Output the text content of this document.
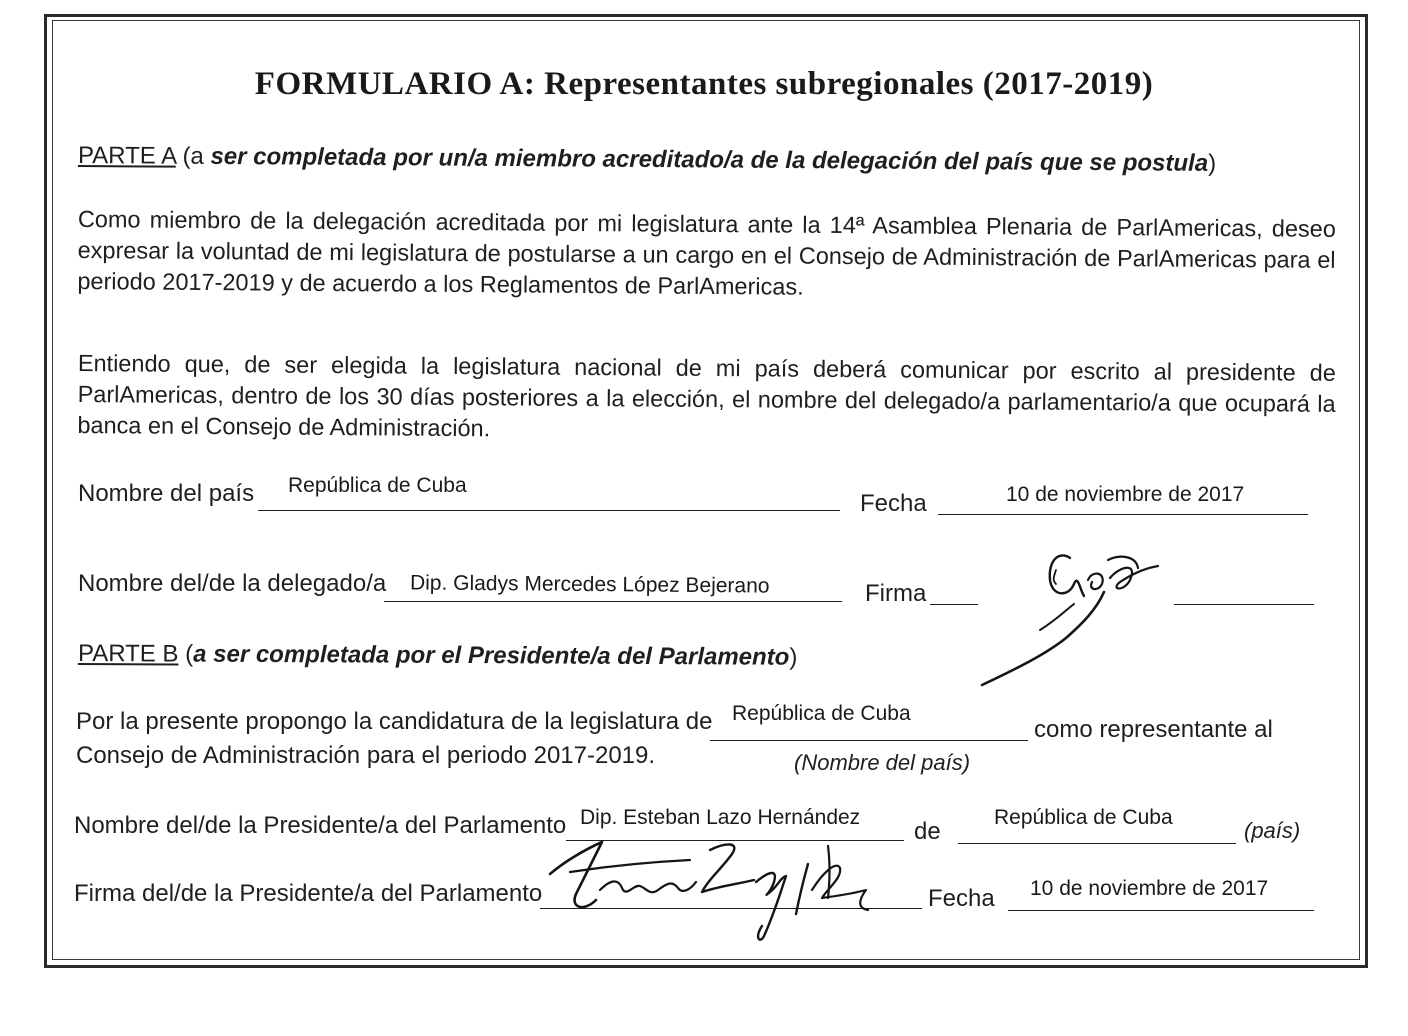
FORMULARIO A: Representantes subregionales (2017-2019)
PARTE A (a ser completada por un/a miembro acreditado/a de la delegación del país que se postula)
Como miembro de la delegación acreditada por mi legislatura ante la 14ª Asamblea Plenaria de ParlAmericas, deseo expresar la voluntad de mi legislatura de postularse a un cargo en el Consejo de Administración de ParlAmericas para el periodo 2017-2019 y de acuerdo a los Reglamentos de ParlAmericas.
Entiendo que, de ser elegida la legislatura nacional de mi país deberá comunicar por escrito al presidente de ParlAmericas, dentro de los 30 días posteriores a la elección, el nombre del delegado/a parlamentario/a que ocupará la banca en el Consejo de Administración.
Nombre del país República de Cuba
Fecha	10 de noviembre de 2017
Nombre del/de la delegado/a Dip. Gladys Mercedes López Bejerano	Firma
PARTE B (a ser completada por el Presidente/a del Parlamento)
Por la presente propongo la candidatura de la legislatura de República de Cuba
como representante al
Consejo de Administración para el periodo 2017-2019.	(Nombre del país)
Nombre del/de la Presidente/a del Parlamento Dip. Esteban Lazo Hernández
de
República de Cuba
(país)
Firma del/de la Presidente/a del Parlamento	Fecha 10 de noviembre de 2017
